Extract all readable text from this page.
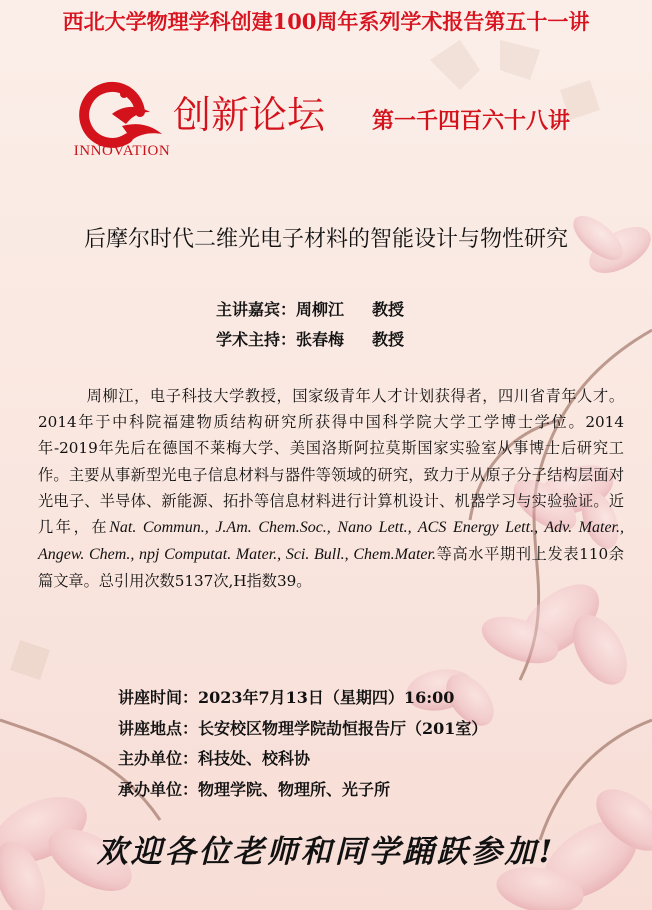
西北大学物理学科创建100周年系列学术报告第五十一讲
INNOVATION
创新论坛 第一千四百六十八讲
后摩尔时代二维光电子材料的智能设计与物性研究
主讲嘉宾：周柳江 教授
学术主持：张春梅 教授
周柳江，电子科技大学教授，国家级青年人才计划获得者，四川省青年人才。2014年于中科院福建物质结构研究所获得中国科学院大学工学博士学位。2014年-2019年先后在德国不莱梅大学、美国洛斯阿拉莫斯国家实验室从事博士后研究工作。主要从事新型光电子信息材料与器件等领域的研究，致力于从原子分子结构层面对光电子、半导体、新能源、拓扑等信息材料进行计算机设计、机器学习与实验验证。近几年，在Nat. Commun., J.Am. Chem.Soc., Nano Lett., ACS Energy Lett., Adv. Mater., Angew. Chem., npj Computat. Mater., Sci. Bull., Chem.Mater.等高水平期刊上发表110余篇文章。总引用次数5137次,H指数39。
讲座时间：2023年7月13日（星期四）16:00
讲座地点：长安校区物理学院劼恒报告厅（201室）
主办单位：科技处、校科协
承办单位：物理学院、物理所、光子所
欢迎各位老师和同学踊跃参加!
